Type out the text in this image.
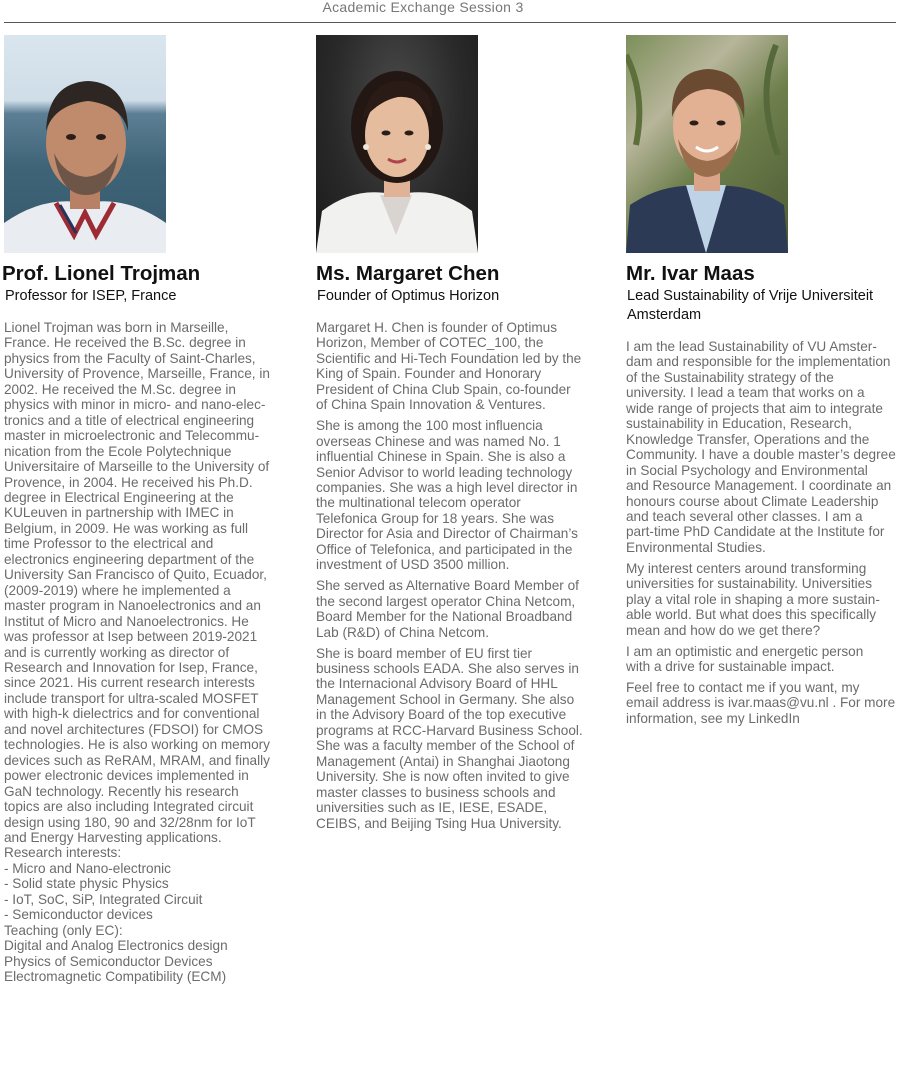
Academic Exchange Session 3
Prof. Lionel Trojman
Professor for ISEP, France

Lionel Trojman was born in Marseille,
France. He received the B.Sc. degree in
physics from the Faculty of Saint-Charles,
University of Provence, Marseille, France, in
2002. He received the M.Sc. degree in
physics with minor in micro- and nano-elec-
tronics and a title of electrical engineering
master in microelectronic and Telecommu-
nication from the Ecole Polytechnique
Universitaire of Marseille to the University of
Provence, in 2004. He received his Ph.D.
degree in Electrical Engineering at the
KULeuven in partnership with IMEC in
Belgium, in 2009. He was working as full
time Professor to the electrical and
electronics engineering department of the
University San Francisco of Quito, Ecuador,
(2009-2019) where he implemented a
master program in Nanoelectronics and an
Institut of Micro and Nanoelectronics. He
was professor at Isep between 2019-2021
and is currently working as director of
Research and Innovation for Isep, France,
since 2021. His current research interests
include transport for ultra-scaled MOSFET
with high-k dielectrics and for conventional
and novel architectures (FDSOI) for CMOS
technologies. He is also working on memory
devices such as ReRAM, MRAM, and finally
power electronic devices implemented in
GaN technology. Recently his research
topics are also including Integrated circuit
design using 180, 90 and 32/28nm for IoT
and Energy Harvesting applications.
Research interests:
- Micro and Nano-electronic
- Solid state physic Physics
- IoT, SoC, SiP, Integrated Circuit
- Semiconductor devices
Teaching (only EC):
Digital and Analog Electronics design
Physics of Semiconductor Devices
Electromagnetic Compatibility (ECM)

Ms. Margaret Chen
Founder of Optimus Horizon

Margaret H. Chen is founder of Optimus
Horizon, Member of COTEC_100, the
Scientific and Hi-Tech Foundation led by the
King of Spain. Founder and Honorary
President of China Club Spain, co-founder
of China Spain Innovation & Ventures.

She is among the 100 most influencia
overseas Chinese and was named No. 1
influential Chinese in Spain. She is also a
Senior Advisor to world leading technology
companies. She was a high level director in
the multinational telecom operator
Telefonica Group for 18 years. She was
Director for Asia and Director of Chairman’s
Office of Telefonica, and participated in the
investment of USD 3500 million.

She served as Alternative Board Member of
the second largest operator China Netcom,
Board Member for the National Broadband
Lab (R&D) of China Netcom.

She is board member of EU first tier
business schools EADA. She also serves in
the Internacional Advisory Board of HHL
Management School in Germany. She also
in the Advisory Board of the top executive
programs at RCC-Harvard Business School.
She was a faculty member of the School of
Management (Antai) in Shanghai Jiaotong
University. She is now often invited to give
master classes to business schools and
universities such as IE, IESE, ESADE,
CEIBS, and Beijing Tsing Hua University.

Mr. Ivar Maas
Lead Sustainability of Vrije Universiteit
Amsterdam

I am the lead Sustainability of VU Amster-
dam and responsible for the implementation
of the Sustainability strategy of the
university. I lead a team that works on a
wide range of projects that aim to integrate
sustainability in Education, Research,
Knowledge Transfer, Operations and the
Community. I have a double master’s degree
in Social Psychology and Environmental
and Resource Management. I coordinate an
honours course about Climate Leadership
and teach several other classes. I am a
part-time PhD Candidate at the Institute for
Environmental Studies.

My interest centers around transforming
universities for sustainability. Universities
play a vital role in shaping a more sustain-
able world. But what does this specifically
mean and how do we get there?

I am an optimistic and energetic person
with a drive for sustainable impact.

Feel free to contact me if you want, my
email address is ivar.maas@vu.nl . For more
information, see my LinkedIn
